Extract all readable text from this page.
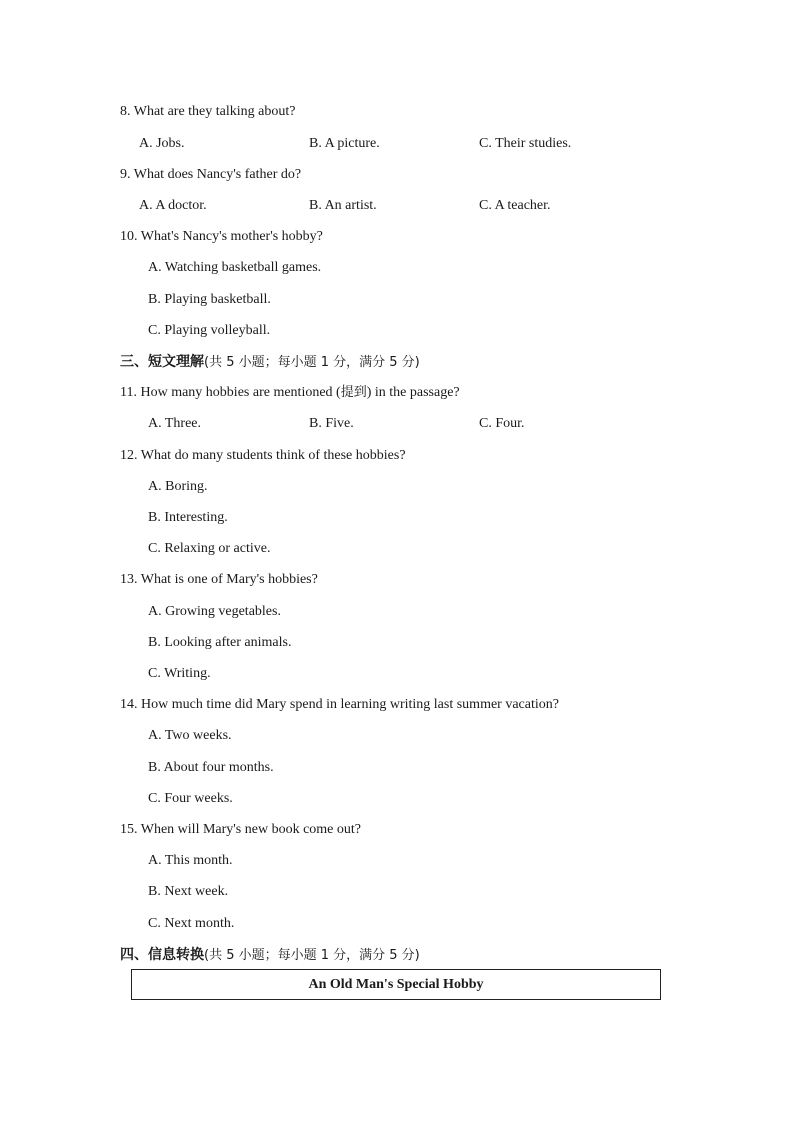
8. What are they talking about?
A. Jobs.	B. A picture.	C. Their studies.
9. What does Nancy's father do?
A. A doctor.	B. An artist.	C. A teacher.
10. What's Nancy's mother's hobby?
A. Watching basketball games.
B. Playing basketball.
C. Playing volleyball.
三、短文理解(共 5 小题；每小题 1 分，满分 5 分)
11. How many hobbies are mentioned (提到) in the passage?
A. Three.	B. Five.	C. Four.
12. What do many students think of these hobbies?
A. Boring.
B. Interesting.
C. Relaxing or active.
13. What is one of Mary's hobbies?
A. Growing vegetables.
B. Looking after animals.
C. Writing.
14. How much time did Mary spend in learning writing last summer vacation?
A. Two weeks.
B. About four months.
C. Four weeks.
15. When will Mary's new book come out?
A. This month.
B. Next week.
C. Next month.
四、信息转换(共 5 小题；每小题 1 分，满分 5 分)
An Old Man's Special Hobby
